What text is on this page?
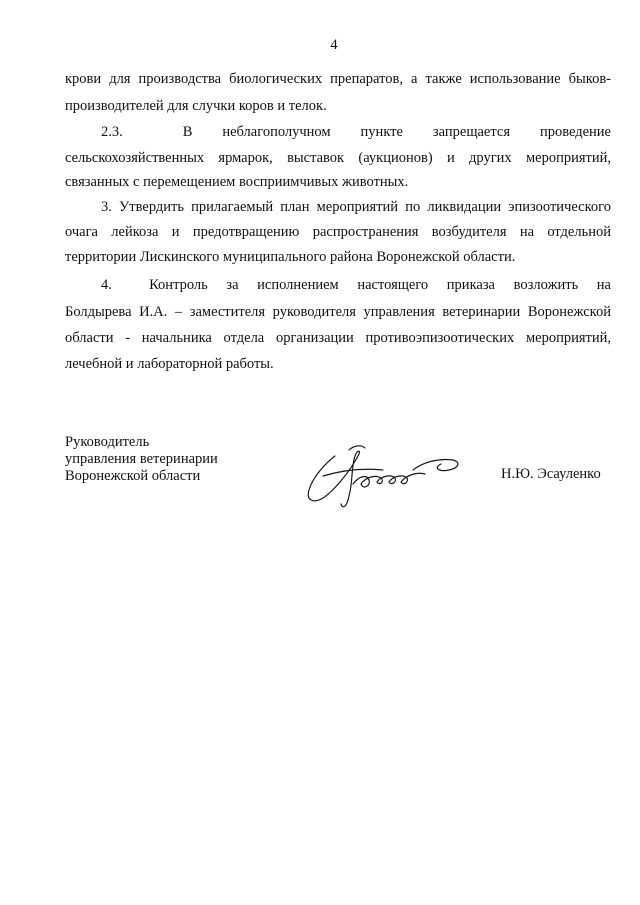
4
крови для производства биологических препаратов, а также использование быков-
производителей для случки коров и телок.
2.3.  В неблагополучном пункте запрещается проведение
сельскохозяйственных ярмарок, выставок (аукционов) и других мероприятий,
связанных с перемещением восприимчивых животных.
3. Утвердить прилагаемый план мероприятий по ликвидации эпизоотического
очага лейкоза и предотвращению распространения возбудителя на отдельной
территории Лискинского муниципального района Воронежской области.
4.  Контроль за исполнением настоящего приказа возложить на
Болдырева И.А. – заместителя руководителя управления ветеринарии Воронежской
области - начальника отдела организации противоэпизоотических мероприятий,
лечебной и лабораторной работы.
Руководитель
управления ветеринарии
Воронежской области	Н.Ю. Эсауленко
